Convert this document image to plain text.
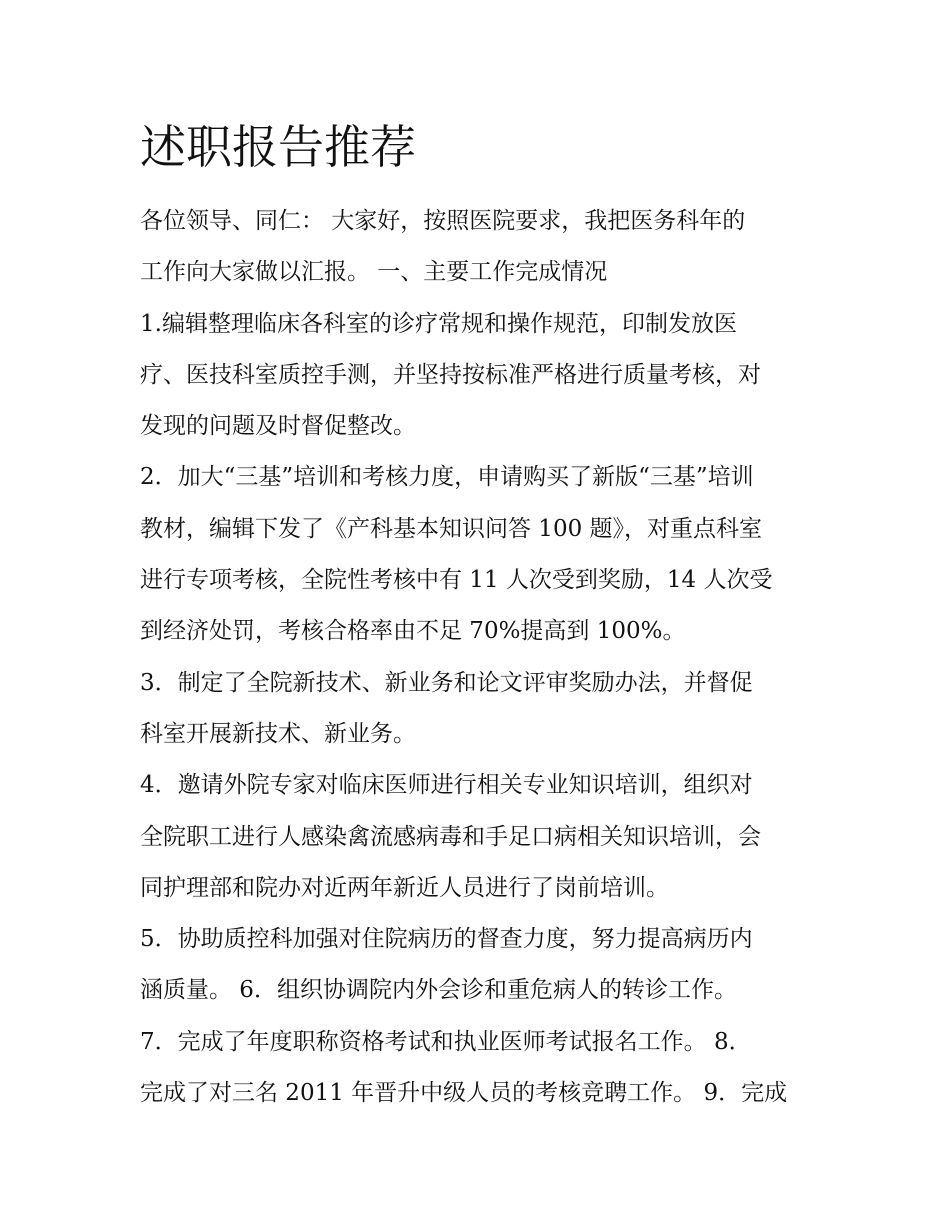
述职报告推荐
各位领导、同仁： 大家好，按照医院要求，我把医务科年的
工作向大家做以汇报。 一、主要工作完成情况
1.编辑整理临床各科室的诊疗常规和操作规范，印制发放医
疗、医技科室质控手测，并坚持按标准严格进行质量考核，对
发现的问题及时督促整改。
2．加大“三基”培训和考核力度，申请购买了新版“三基”培训
教材，编辑下发了《产科基本知识问答 100 题》，对重点科室
进行专项考核，全院性考核中有 11 人次受到奖励，14 人次受
到经济处罚，考核合格率由不足 70%提高到 100%。
3．制定了全院新技术、新业务和论文评审奖励办法，并督促
科室开展新技术、新业务。
4．邀请外院专家对临床医师进行相关专业知识培训，组织对
全院职工进行人感染禽流感病毒和手足口病相关知识培训，会
同护理部和院办对近两年新近人员进行了岗前培训。
5．协助质控科加强对住院病历的督查力度，努力提高病历内
涵质量。 6．组织协调院内外会诊和重危病人的转诊工作。
7．完成了年度职称资格考试和执业医师考试报名工作。 8．
完成了对三名 2011 年晋升中级人员的考核竞聘工作。 9．完成
